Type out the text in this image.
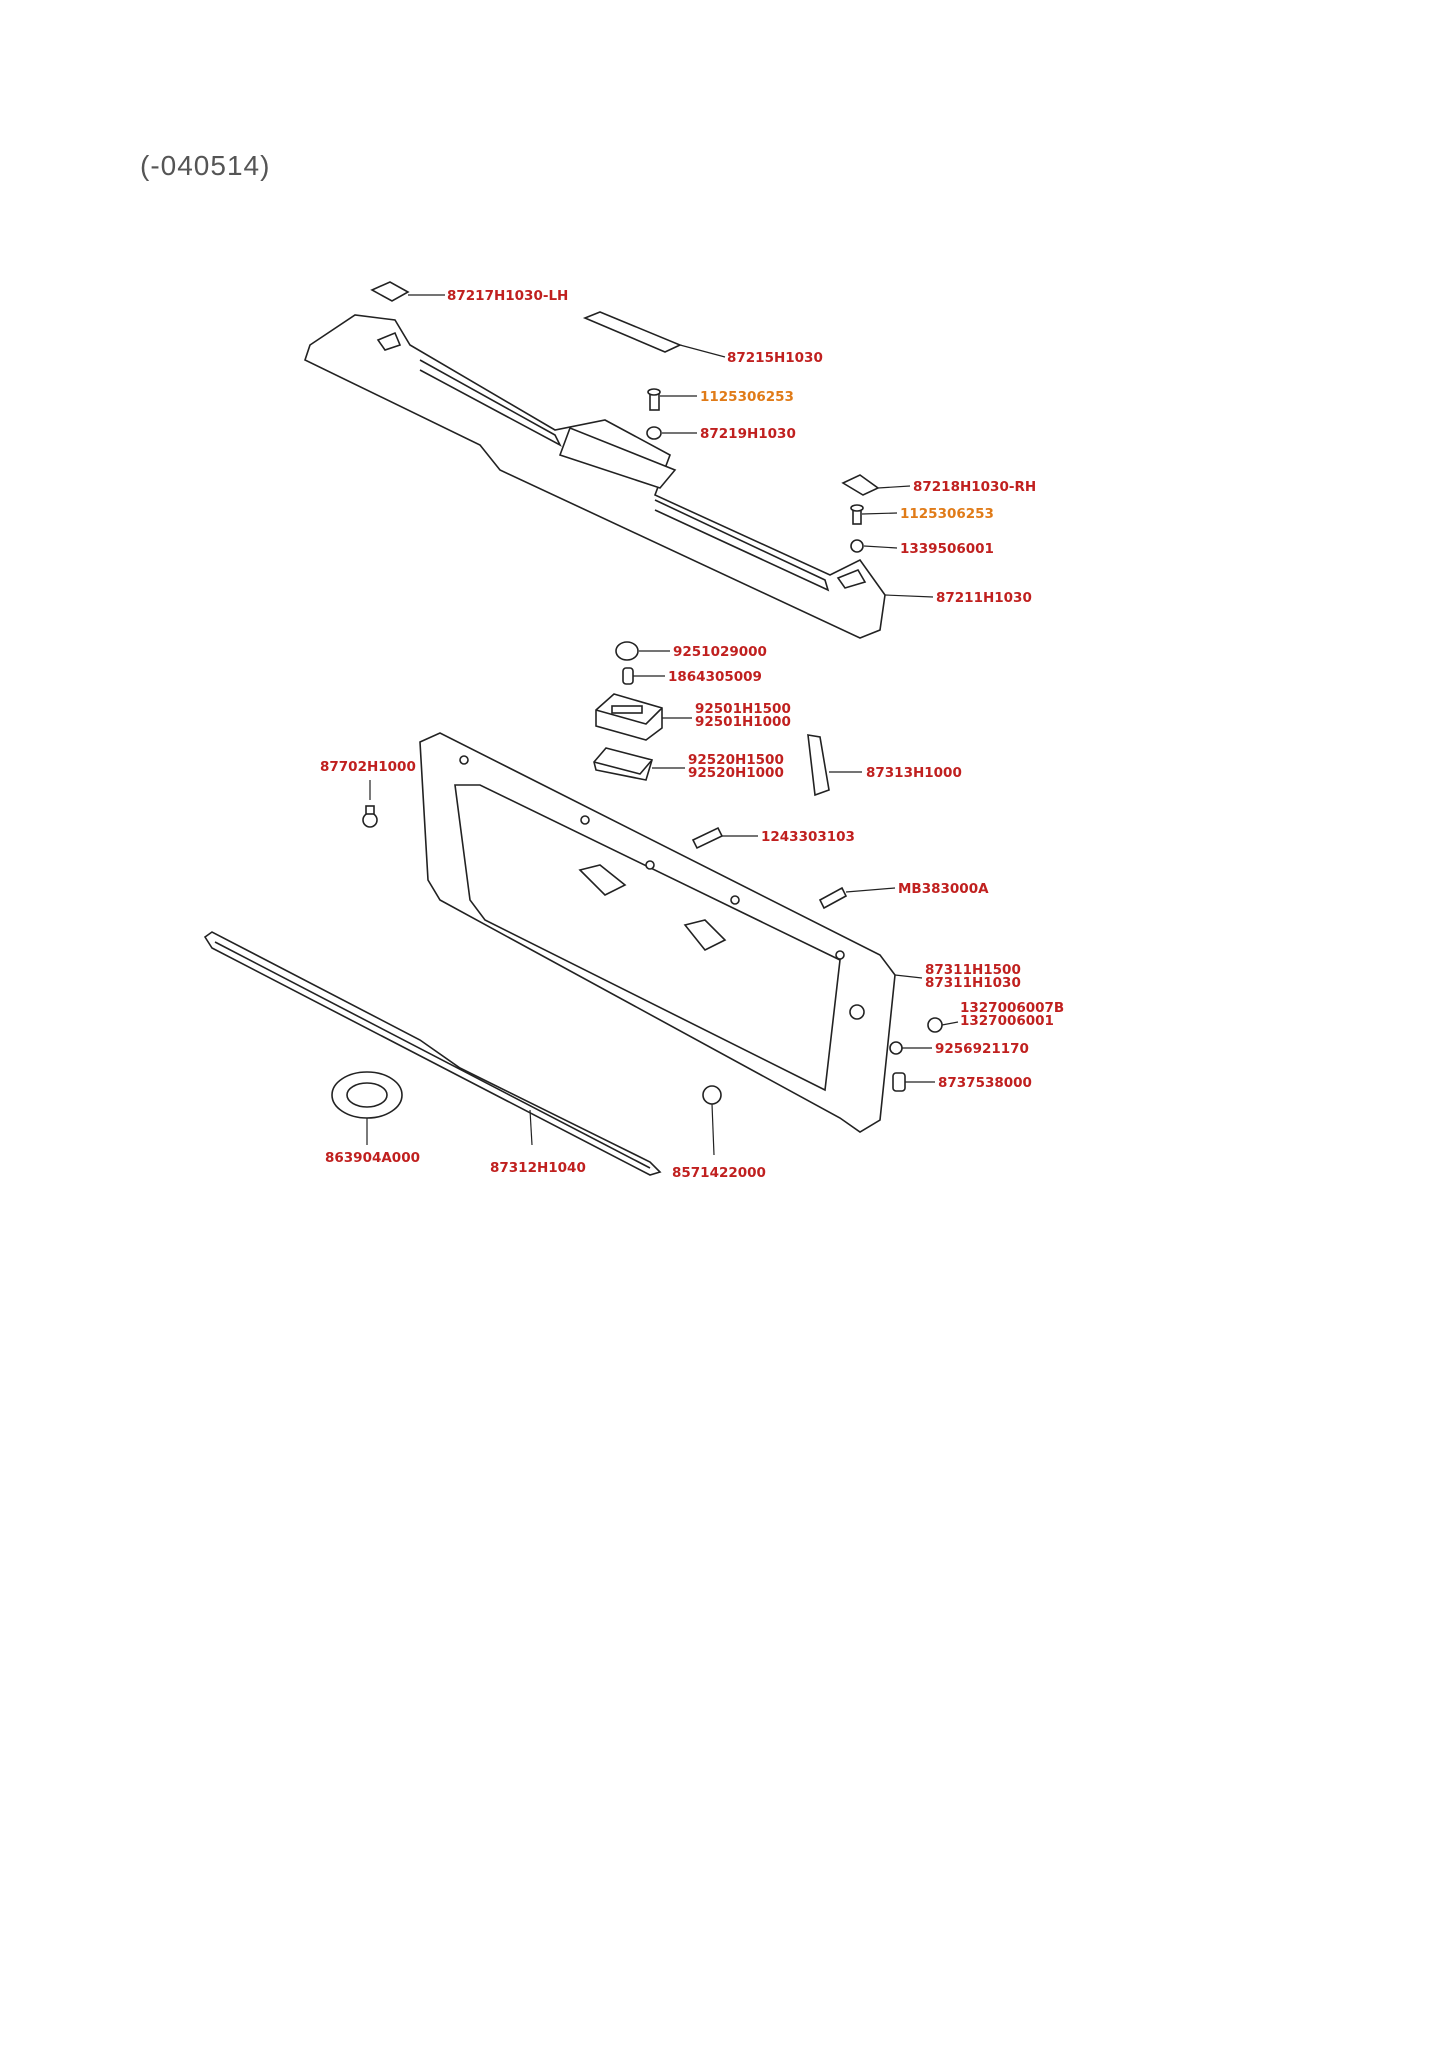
(-040514)
87217H1030-LH
87215H1030
1125306253
87219H1030
87218H1030-RH
1125306253
1339506001
87211H1030
9251029000
1864305009
92501H1500 92501H1000
92520H1500 92520H1000	87313H1000
87702H1000
1243303103
MB383000A
87311H1500 87311H1030
1327006007B 1327006001
9256921170
8737538000
863904A000
87312H1040	8571422000
